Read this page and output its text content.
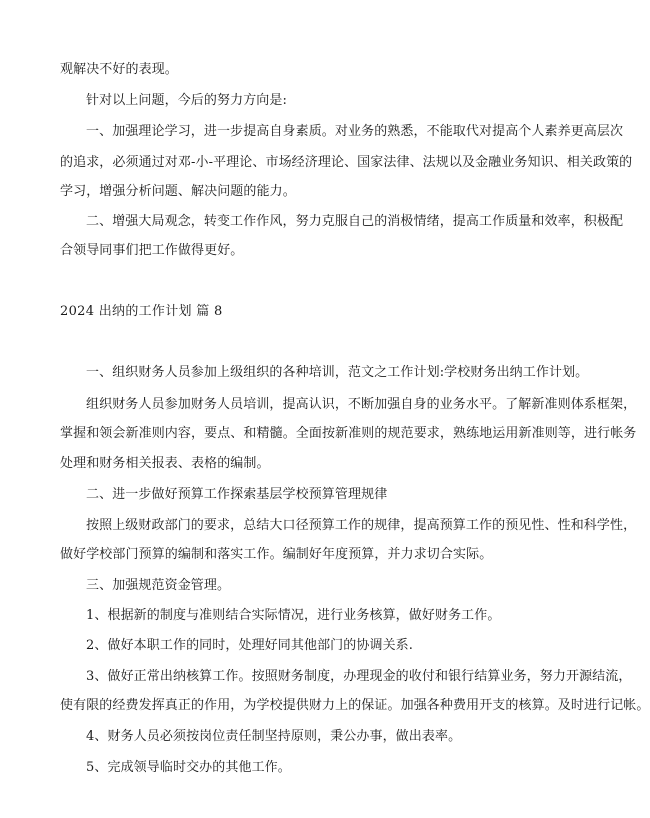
观解决不好的表现。
针对以上问题，今后的努力方向是:
一、加强理论学习，进一步提高自身素质。对业务的熟悉，不能取代对提高个人素养更高层次
的追求，必须通过对邓-小-平理论、市场经济理论、国家法律、法规以及金融业务知识、相关政策的
学习，增强分析问题、解决问题的能力。
二、增强大局观念，转变工作作风，努力克服自己的消极情绪，提高工作质量和效率，积极配
合领导同事们把工作做得更好。
2024 出纳的工作计划 篇 8
一、组织财务人员参加上级组织的各种培训，范文之工作计划:学校财务出纳工作计划。
组织财务人员参加财务人员培训，提高认识，不断加强自身的业务水平。了解新准则体系框架，
掌握和领会新准则内容，要点、和精髓。全面按新准则的规范要求，熟练地运用新准则等，进行帐务
处理和财务相关报表、表格的编制。
二、进一步做好预算工作探索基层学校预算管理规律
按照上级财政部门的要求，总结大口径预算工作的规律，提高预算工作的预见性、性和科学性，
做好学校部门预算的编制和落实工作。编制好年度预算，并力求切合实际。
三、加强规范资金管理。
1、根据新的制度与准则结合实际情况，进行业务核算，做好财务工作。
2、做好本职工作的同时，处理好同其他部门的协调关系.
3、做好正常出纳核算工作。按照财务制度，办理现金的收付和银行结算业务，努力开源结流，
使有限的经费发挥真正的作用，为学校提供财力上的保证。加强各种费用开支的核算。及时进行记帐。
4、财务人员必须按岗位责任制坚持原则，秉公办事，做出表率。
5、完成领导临时交办的其他工作。
